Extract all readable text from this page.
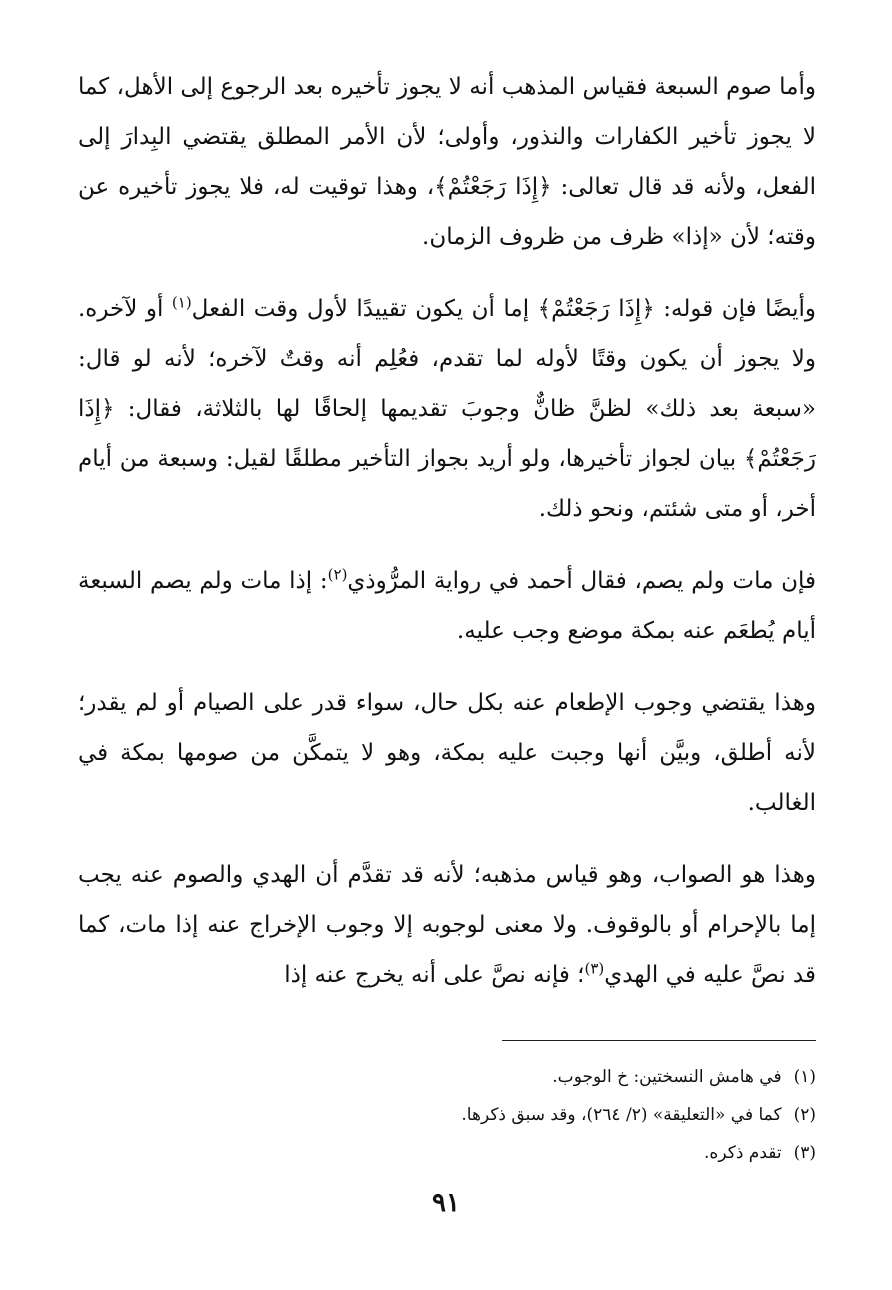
وأما صوم السبعة فقياس المذهب أنه لا يجوز تأخيره بعد الرجوع إلى الأهل، كما لا يجوز تأخير الكفارات والنذور، وأولى؛ لأن الأمر المطلق يقتضي البِدارَ إلى الفعل، ولأنه قد قال تعالى: ﴿إِذَا رَجَعْتُمْ﴾، وهذا توقيت له، فلا يجوز تأخيره عن وقته؛ لأن «إذا» ظرف من ظروف الزمان.

وأيضًا فإن قوله: ﴿إِذَا رَجَعْتُمْ﴾ إما أن يكون تقييدًا لأول وقت الفعل$^{(١)}$ أو لآخره. ولا يجوز أن يكون وقتًا لأوله لما تقدم، فعُلِم أنه وقتٌ لآخره؛ لأنه لو قال: «سبعة بعد ذلك» لظنَّ ظانٌّ وجوبَ تقديمها إلحاقًا لها بالثلاثة، فقال: ﴿إِذَا رَجَعْتُمْ﴾ بيان لجواز تأخيرها، ولو أريد بجواز التأخير مطلقًا لقيل: وسبعة من أيام أخر، أو متى شئتم، ونحو ذلك.

فإن مات ولم يصم، فقال أحمد في رواية المرُّوذي$^{(٢)}$: إذا مات ولم يصم السبعة أيام يُطعَم عنه بمكة موضع وجب عليه.

وهذا يقتضي وجوب الإطعام عنه بكل حال، سواء قدر على الصيام أو لم يقدر؛ لأنه أطلق، وبيَّن أنها وجبت عليه بمكة، وهو لا يتمكَّن من صومها بمكة في الغالب.

وهذا هو الصواب، وهو قياس مذهبه؛ لأنه قد تقدَّم أن الهدي والصوم عنه يجب إما بالإحرام أو بالوقوف. ولا معنى لوجوبه إلا وجوب الإخراج عنه إذا مات، كما قد نصَّ عليه في الهدي$^{(٣)}$؛ فإنه نصَّ على أنه يخرج عنه إذا

(١)في هامش النسختين: خ الوجوب.
(٢)كما في «التعليقة» (٢/ ٢٦٤)، وقد سبق ذكرها.
(٣)تقدم ذكره.
٩١
